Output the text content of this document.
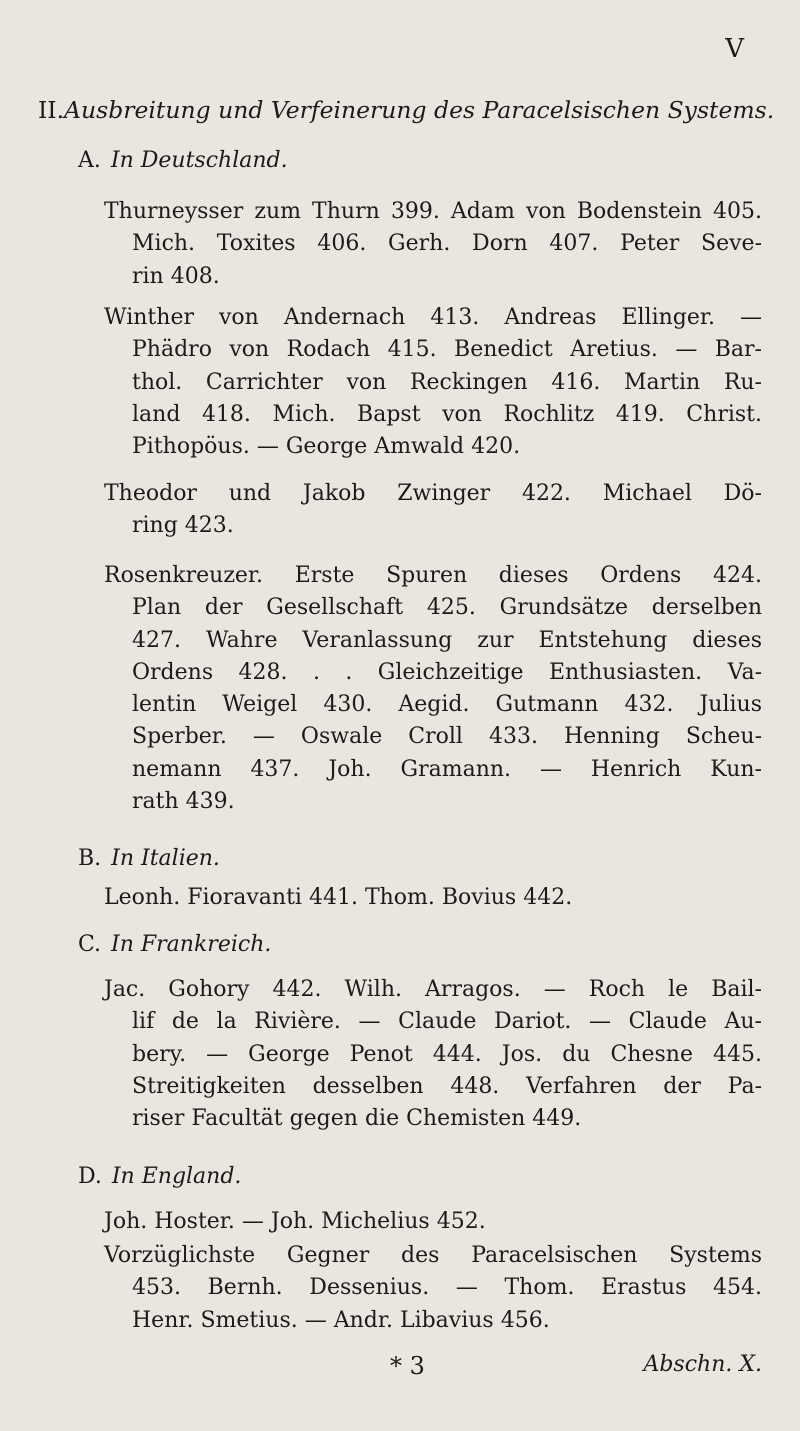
V
II.Ausbreitung und Verfeinerung des Paracelsischen Systems.
A. In Deutschland.
Thurneysser zum Thurn 399. Adam von Bodenstein 405.
Mich. Toxites 406. Gerh. Dorn 407. Peter Seve-
rin 408.
Winther von Andernach 413. Andreas Ellinger. —
Phädro von Rodach 415. Benedict Aretius. — Bar-
thol. Carrichter von Reckingen 416. Martin Ru-
land 418. Mich. Bapst von Rochlitz 419. Christ.
Pithopöus. — George Amwald 420.
Theodor und Jakob Zwinger 422. Michael Dö-
ring 423.
Rosenkreuzer. Erste Spuren dieses Ordens 424.
Plan der Gesellschaft 425. Grundsätze derselben
427. Wahre Veranlassung zur Entstehung dieses
Ordens 428. . . Gleichzeitige Enthusiasten. Va-
lentin Weigel 430. Aegid. Gutmann 432. Julius
Sperber. — Oswale Croll 433. Henning Scheu-
nemann 437. Joh. Gramann. — Henrich Kun-
rath 439.
B. In Italien.
Leonh. Fioravanti 441. Thom. Bovius 442.
C. In Frankreich.
Jac. Gohory 442. Wilh. Arragos. — Roch le Bail-
lif de la Rivière. — Claude Dariot. — Claude Au-
bery. — George Penot 444. Jos. du Chesne 445.
Streitigkeiten desselben 448. Verfahren der Pa-
riser Facultät gegen die Chemisten 449.
D. In England.
Joh. Hoster. — Joh. Michelius 452.
Vorzüglichste Gegner des Paracelsischen Systems
453. Bernh. Dessenius. — Thom. Erastus 454.
Henr. Smetius. — Andr. Libavius 456.
* 3	Abschn. X.
